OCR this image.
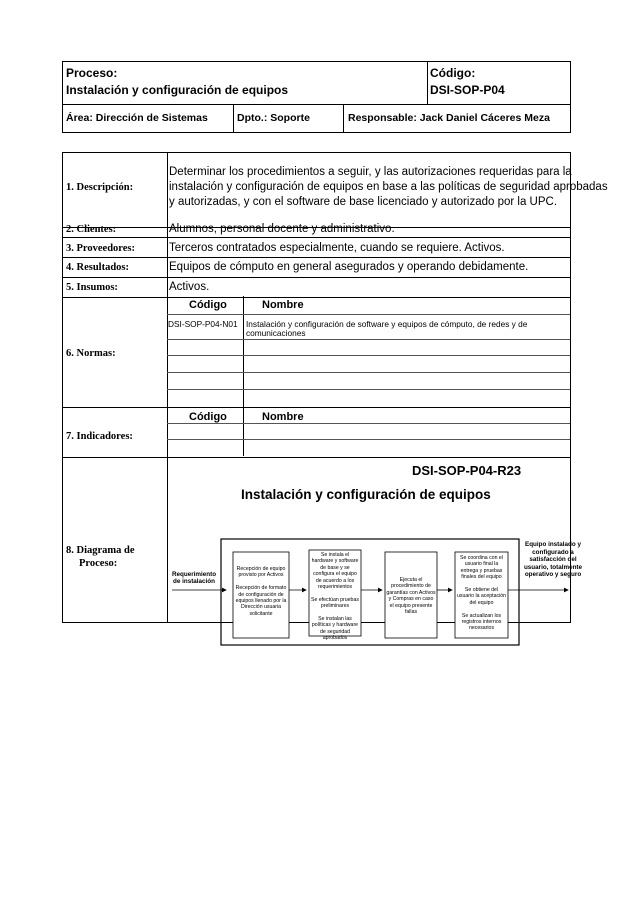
Proceso:
Instalación y configuración de equipos
Código:
DSI-SOP-P04
Área: Dirección de Sistemas	Dpto.: Soporte	Responsable: Jack Daniel Cáceres Meza
1. Descripción:
Determinar los procedimientos a seguir, y las autorizaciones requeridas para la
instalación y configuración de equipos en base a las políticas de seguridad aprobadas
y autorizadas, y con el software de base licenciado y autorizado por la UPC.
2. Clientes:	Alumnos, personal docente y administrativo.
3. Proveedores:	Terceros contratados especialmente, cuando se requiere. Activos.
4. Resultados:	Equipos de cómputo en general asegurados y operando debidamente.
5. Insumos:	Activos.
6. Normas:
Código	Nombre
DSI-SOP-P04-N01 Instalación y configuración de software y equipos de cómputo, de redes y de
comunicaciones
7. Indicadores:
Código	Nombre
8. Diagrama de
Proceso:
DSI-SOP-P04-R23
Instalación y configuración de equipos
Requerimiento de instalación
Recepción de equipo provisto por Activos

Recepción de formato de configuración de equipos llenado por la Dirección usuaria solicitante
Se instala el hardware y software de base y se configura el equipo de acuerdo a los requerimientos

Se efectúan pruebas preliminares

Se instalan las políticas y hardware de seguridad aprobados
Ejecuta el procedimiento de garantías con Activos y Compras en caso el equipo presente fallas
Se coordina con el usuario final la entrega y pruebas finales del equipo

Se obtiene del usuario la aceptación del equipo

Se actualizan los registros internos necesarios
Equipo instalado y configurado a satisfacción del usuario, totalmente operativo y seguro
